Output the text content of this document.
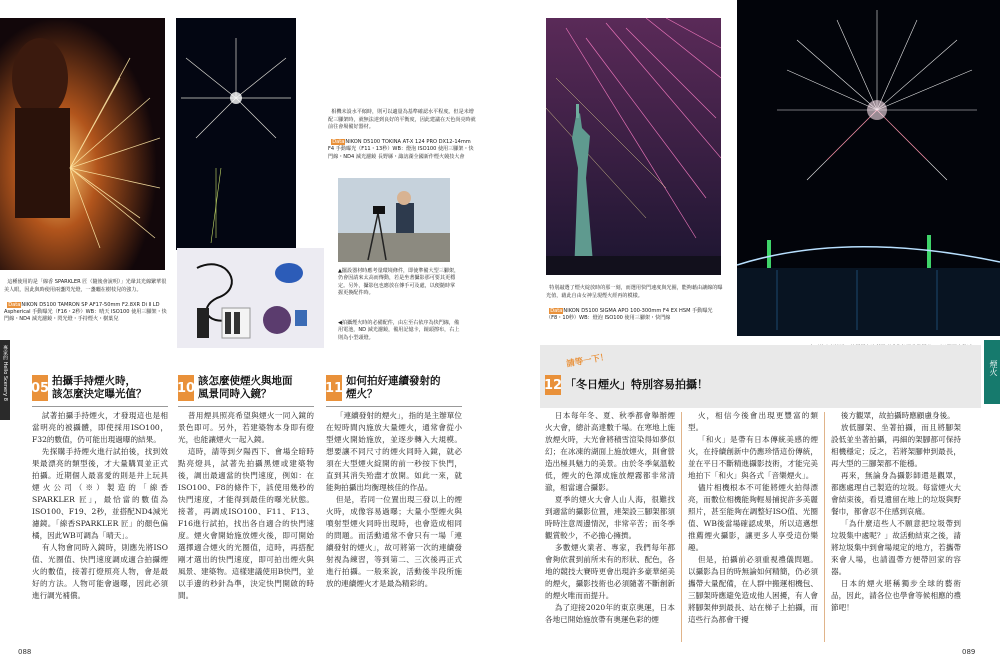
相機未設水平傾時，則可以適量為基準確認水平程度。但是未增配三腳架時，就無法達到良好的平衡度，因此建議在天色尚亮時就前往會場備好器材。

DataNIKON D5100 TOKINA AT-X 124 PRO DX12-14mm F4 手動曝光（F11・13秒）WB：燈泡 ISO100 使用三腳架・快門線・ND4 減光濾鏡 長野縣・諏訪湖全國新作煙火競技大會

▲擺設器材時應考量環境條件，即使準備大型三腳架，仍會因請來太高而傳動，若是坐著攝影那可要其更穩定。另外，攝影包也應放在傳手可及處，以便隨時掌握更換配件時。
◀拍攝煙火時的必備配件，由左至右依序為快門線，備用電池，ND 減光濾鏡，備用記憶卡，鏡頭擦布，右上則為小型頭燈。

這種使用的是「線香 SPARKLER 匠（隨後會說明）」光暈其光線繁華很美人眼，因此與時使用兩盞閃光燈，一盞曬在樹枝兒的強力。

DataNIKON D5100 TAMRON SP AF17-50mm F2.8XR Di Ⅱ LD Aspherical 手動曝光（F16・2秒）WB：晴天 ISO100 使用三腳架・快門線・ND4 減光濾鏡・閃光燈・手持煙火・樹葉兒

專家的 Hello Scenery 8 05 拍攝手持煙火時，
該怎麼決定曝光值？ 10 該怎麼使煙火與地面
風景同時入鏡？	11 如何拍好連續發射的
煙火？

試著拍攝手持煙火，才發現這也是相當明亮的被攝體，即使採用ISO100，F32的數值，仍可能出現過曝的結果。

先探購手持煙火進行試拍後，找到效果最漂亮的類型後，才大量購買並正式拍攝。近期個人最喜愛的則是井上玩具煙火公司（※）製造的「線香 SPARKLER 匠」，最恰當的數值為ISO100、F19、2秒，並搭配ND4減光濾鏡。「線香SPARKLER 匠」的顏色偏橘，因此WB可調為「晴天」。

有人物會同時入鏡時，則應先將ISO值、光圈值、快門速度調成適合拍攝煙火的數值，接著打燈照亮人物，會是最好的方法。人物可能會過曝，因此必須進行調光補償。

普用煙具照亮希望與煙火一同入鏡的景色即可。另外，若建築物本身即有燈光，也能讓煙火一起入鏡。

這時，請等到夕陽西下、會場全暗時點亮燈具，試著先拍攝黑煙或建築物後，調出最適當的快門速度，例如：在ISO100、F8的條件下，該使用幾秒的快門速度，才能得到最佳的曝光狀態。接著，再調成ISO100、F11、F13、F16進行試拍，找出各自適合的快門速度。煙火會開始施放煙火後，即可開始選擇適合煙火的光圈值，這時，再搭配剛才選出的快門速度，即可拍出煙火與風景、建築物。這樣建議使用B快門，並以手邊的秒針為準，決定快門開啟的時間。

「連續發射的煙火」，指的是主辦單位在短時間內施放大量煙火，通常會從小型煙火開始施放，並逐步轉入大規模。想要讓不同尺寸的煙火同時入鏡，就必須在大型煙火綻開的前一秒按下快門，直到其消失殆盡才放開。如此一來，就能夠拍攝出均衡理核佳的作品。

但是，若同一位置出現三發以上的煙火時，成像容易過曝；大量小型煙火與噴射型煙火同時出現時，也會造成相同的問題。而活動通常不會只有一場「連續發射的煙火」，故可將第一次的連續發射視為練習，等到第二、三次後再正式進行拍攝。一般來說，活動後半段所施放的連續煙火才是最為精彩的。

088

特別敲選了煙火綻放時的那一刻，而選用快門速度與光圈，能夠藉由讓線的曝光值，藉此自由女神呈現煙火經再的模樣。

DataNIKON D5100 SIGMA APO 100-300mm F4 EX HSM 手動曝光（F8・10秒）WB：燈泡 ISO100 使用三腳架・快門線

煙火
請等一下！
12 「冬日煙火」特別容易拍攝！

日本每年冬、夏、秋季都會舉辦煙火大會，總計高達數千場。在寒地上施放煙火時，大光會將積雪渲染得如夢似幻；在冰凍的湖面上施放煙火，則會營造出極具魅力的美景。由於冬季氣溫較低，煙火的色澤成施放煙霧都非常清澈，相當適合攝影。

夏季的煙火大會人山人海，很難找到適當的攝影位置，連架設三腳架都須時時注意周邊情況，非常辛苦；而冬季觀賞較少，不必擔心擁擠。

多數煙火業者、專家，我們每年都會夠依賞到前所未有的形狀、配色，各地的競技大賽時更會出現許多豪華絕美的煙火，攝影技術也必須隨著不斷創新的煙火唯而而提升。

為了迎接2020年的東京奧運，日本各地已開始施放帶有奧運色彩的煙

火，相信今後會出現更豐富的類型。

「和火」是帶有日本傳統美感的煙火，在持續創新中仍應珍惜這份傳統，並在平日不斷精進攝影技術，才能完美地拍下「和火」與各式「音樂煙火」。

儘片相機根本不可能將煙火拍得漂亮，而數位相機能夠輕易捕捉許多美麗照片，甚至能夠在調整好ISO值、光圈值、WB後當場確認成果，所以這邁想推薦煙火攝影，讓更多人享受這份樂趣。

但是，拍攝前必須重視禮儀問題。以攝影為目的時無論如何精簡，仍必須攜帶大量配備，在人群中搬運相機包、三腳架時應避免造成他人困擾，有人會將腳架伸到最長、站在梯子上拍攝，而這些行為都會干擾

後方觀眾，故拍攝時應顧慮身後。

放低腳架、坐著拍攝，而且將腳架設低並坐著拍攝，再細的架腳都可保持相機穩定；反之，若將架腳伸到最長，再大型的三腳架都不能穩。

再來，無論身為攝影師還是觀眾，都應處理自己製造的垃圾。每當煙火大會結束後，看見遺留在地上的垃圾與野餐巾，都會忍不住感到哀痛。

「為什麼這些人不願意把垃圾帶到垃圾集中處呢？」故活動結束之後，請將垃圾集中到會場規定的地方，若攜帶來會人場，也請溫帶方便帶回家的容器。

日本的煙火堪稱獨步全球的藝術品，因此，請各位也學會等候相應的禮節吧！

089
